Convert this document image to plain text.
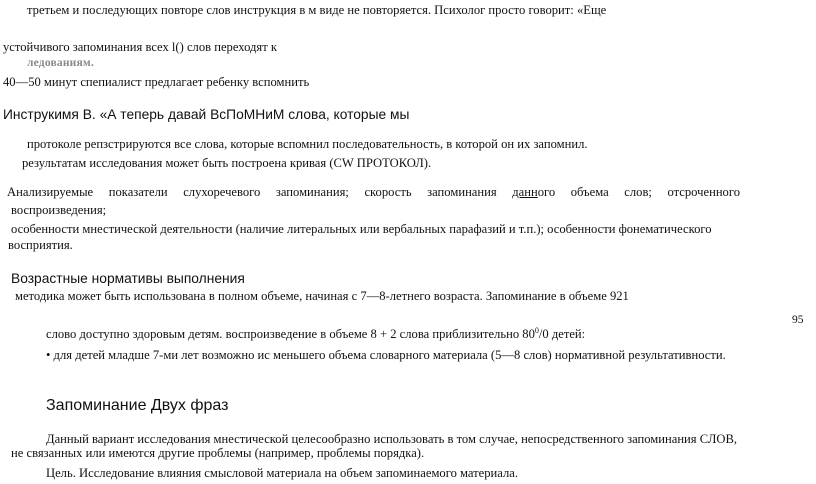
третьем и последующих повторе слов инструкция в м виде не повторяется. Психолог просто говорит: «Еще
устойчивого запоминания всех l() слов переходят к
ледованиям.
40—50 минут спепиалист предлагает ребенку вспомнить
Инструкимя В. «А теперь давай ВсПоМНиМ слова, которые мы
протоколе репзстрируются все слова, которые вспомнил последовательность, в которой он их запомнил.
результатам исследования может быть построена кривая (CW ПРОТОКОЛ).
Анализируемые показатели слухоречевого запоминания; скорость запоминания данного объема слов; отсроченного
воспроизведения;
особенности мнестической деятельности (наличие литеральных или вербальных парафазий и т.п.); особенности фонематического
восприятия.
Возрастные нормативы выполнения
методика может быть использована в полном объеме, начиная с 7—8-летнего возраста. Запоминание в объеме 921
95
слово доступно здоровым детям. воспроизведение в объеме 8 + 2 слова приблизительно $80^0/0$ детей:
• для детей младше 7-ми лет возможно ис меньшего объема словарного материала (5—8 слов) нормативной результативности.
Запоминание Двух фраз
Данный вариант исследования мнестической целесообразно использовать в том случае, непосредственного запоминания СЛОВ,
не связанных или имеются другие проблемы (например, проблемы порядка).
Цель. Исследование влияния смысловой материала на объем запоминаемого материала.
